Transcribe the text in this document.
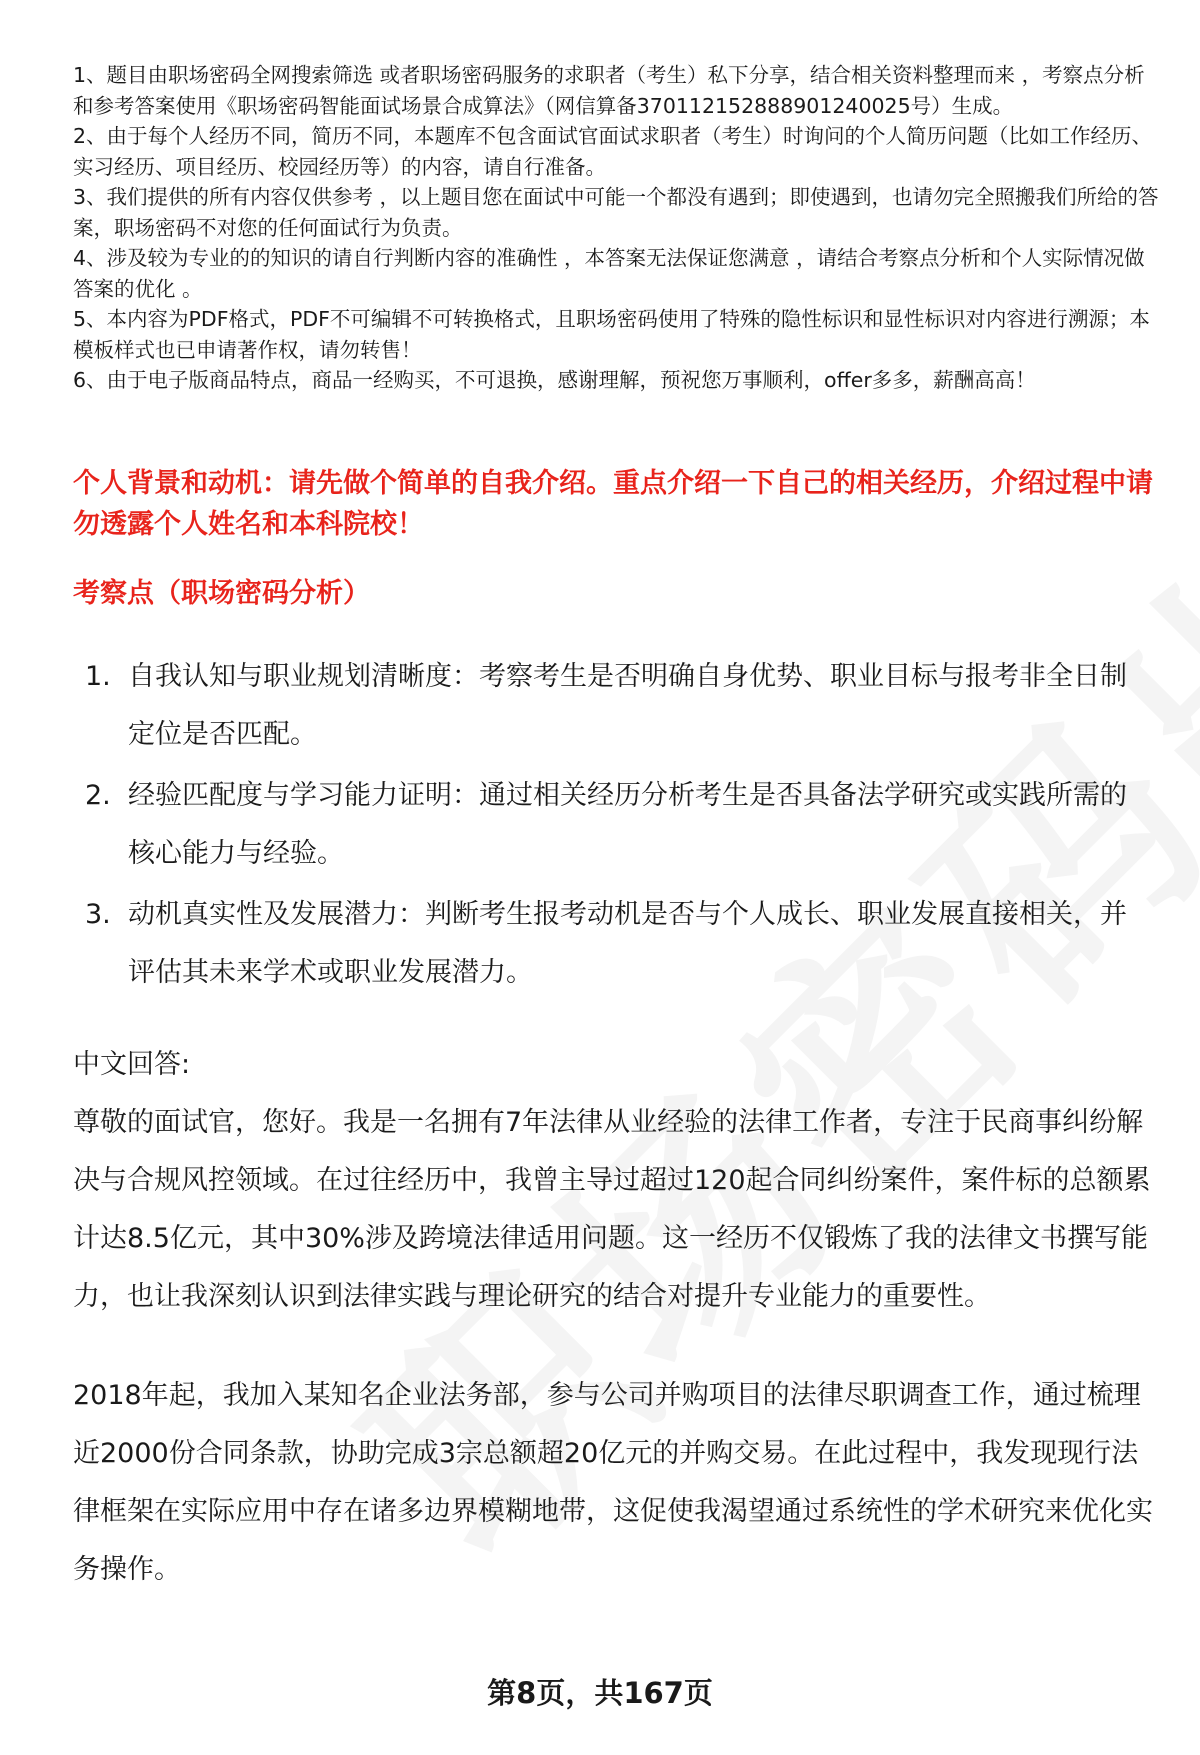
1、题目由职场密码全网搜索筛选 或者职场密码服务的求职者（考生）私下分享，结合相关资料整理而来 ，考察点分析和参考答案使用《职场密码智能面试场景合成算法》（网信算备370112152888901240025号）生成。

2、由于每个人经历不同，简历不同，本题库不包含面试官面试求职者（考生）时询问的个人简历问题（比如工作经历、实习经历、项目经历、校园经历等）的内容，请自行准备。

3、我们提供的所有内容仅供参考 ，以上题目您在面试中可能一个都没有遇到；即使遇到，也请勿完全照搬我们所给的答案，职场密码不对您的任何面试行为负责。

4、涉及较为专业的的知识的请自行判断内容的准确性 ，本答案无法保证您满意 ，请结合考察点分析和个人实际情况做答案的优化 。

5、本内容为PDF格式，PDF不可编辑不可转换格式，且职场密码使用了特殊的隐性标识和显性标识对内容进行溯源；本模板样式也已申请著作权，请勿转售！

6、由于电子版商品特点，商品一经购买，不可退换，感谢理解，预祝您万事顺利，offer多多，薪酬高高！

个人背景和动机：请先做个简单的自我介绍。重点介绍一下自己的相关经历，介绍过程中请勿透露个人姓名和本科院校！
考察点（职场密码分析）
1. 自我认知与职业规划清晰度：考察考生是否明确自身优势、职业目标与报考非全日制定位是否匹配。
2. 经验匹配度与学习能力证明：通过相关经历分析考生是否具备法学研究或实践所需的核心能力与经验。
3. 动机真实性及发展潜力：判断考生报考动机是否与个人成长、职业发展直接相关，并评估其未来学术或职业发展潜力。

中文回答:

尊敬的面试官，您好。我是一名拥有7年法律从业经验的法律工作者，专注于民商事纠纷解决与合规风控领域。在过往经历中，我曾主导过超过120起合同纠纷案件，案件标的总额累计达8.5亿元，其中30%涉及跨境法律适用问题。这一经历不仅锻炼了我的法律文书撰写能力，也让我深刻认识到法律实践与理论研究的结合对提升专业能力的重要性。

2018年起，我加入某知名企业法务部，参与公司并购项目的法律尽职调查工作，通过梳理近2000份合同条款，协助完成3宗总额超20亿元的并购交易。在此过程中，我发现现行法律框架在实际应用中存在诸多边界模糊地带，这促使我渴望通过系统性的学术研究来优化实务操作。

第8页，共167页
